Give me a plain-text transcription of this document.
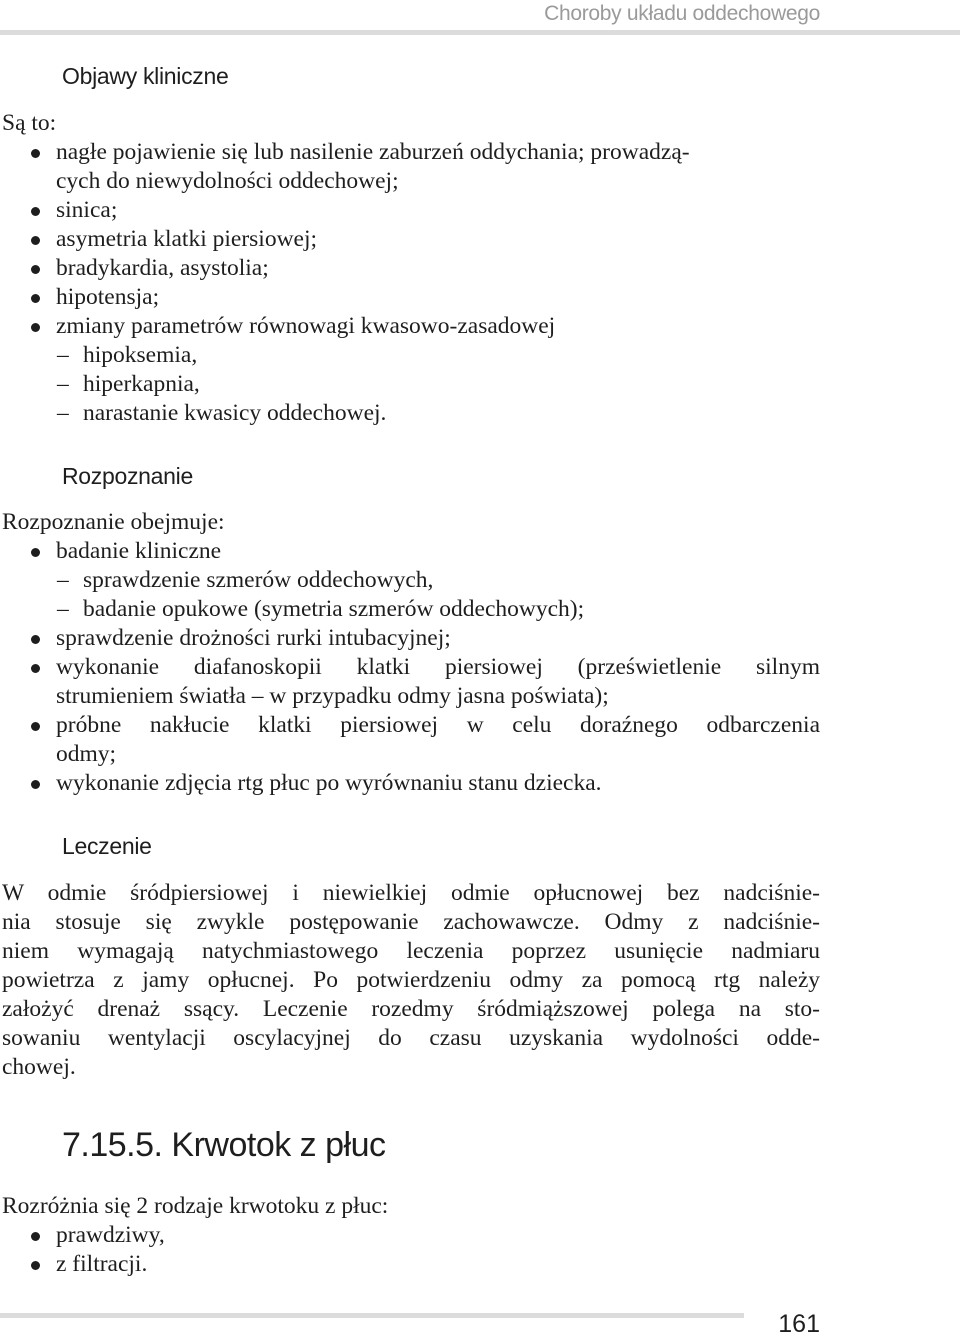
Choroby układu oddechowego
Objawy kliniczne
Są to:
nagłe pojawienie się lub nasilenie zaburzeń oddychania; prowadzą-
cych do niewydolności oddechowej;
sinica;
asymetria klatki piersiowej;
bradykardia, asystolia;
hipotensja;
zmiany parametrów równowagi kwasowo-zasadowej
– hipoksemia,
– hiperkapnia,
– narastanie kwasicy oddechowej.
Rozpoznanie
Rozpoznanie obejmuje:
badanie kliniczne
– sprawdzenie szmerów oddechowych,
– badanie opukowe (symetria szmerów oddechowych);
sprawdzenie drożności rurki intubacyjnej;
wykonanie diafanoskopii klatki piersiowej (prześwietlenie silnym
strumieniem światła – w przypadku odmy jasna poświata);
próbne nakłucie klatki piersiowej w celu doraźnego odbarczenia
odmy;
wykonanie zdjęcia rtg płuc po wyrównaniu stanu dziecka.
Leczenie
W odmie śródpiersiowej i niewielkiej odmie opłucnowej bez nadciśnie-
nia stosuje się zwykle postępowanie zachowawcze. Odmy z nadciśnie-
niem wymagają natychmiastowego leczenia poprzez usunięcie nadmiaru
powietrza z jamy opłucnej. Po potwierdzeniu odmy za pomocą rtg należy
założyć drenaż ssący. Leczenie rozedmy śródmiąższowej polega na sto-
sowaniu wentylacji oscylacyjnej do czasu uzyskania wydolności odde-
chowej.
7.15.5. Krwotok z płuc
Rozróżnia się 2 rodzaje krwotoku z płuc:
prawdziwy,
z filtracji.
161
